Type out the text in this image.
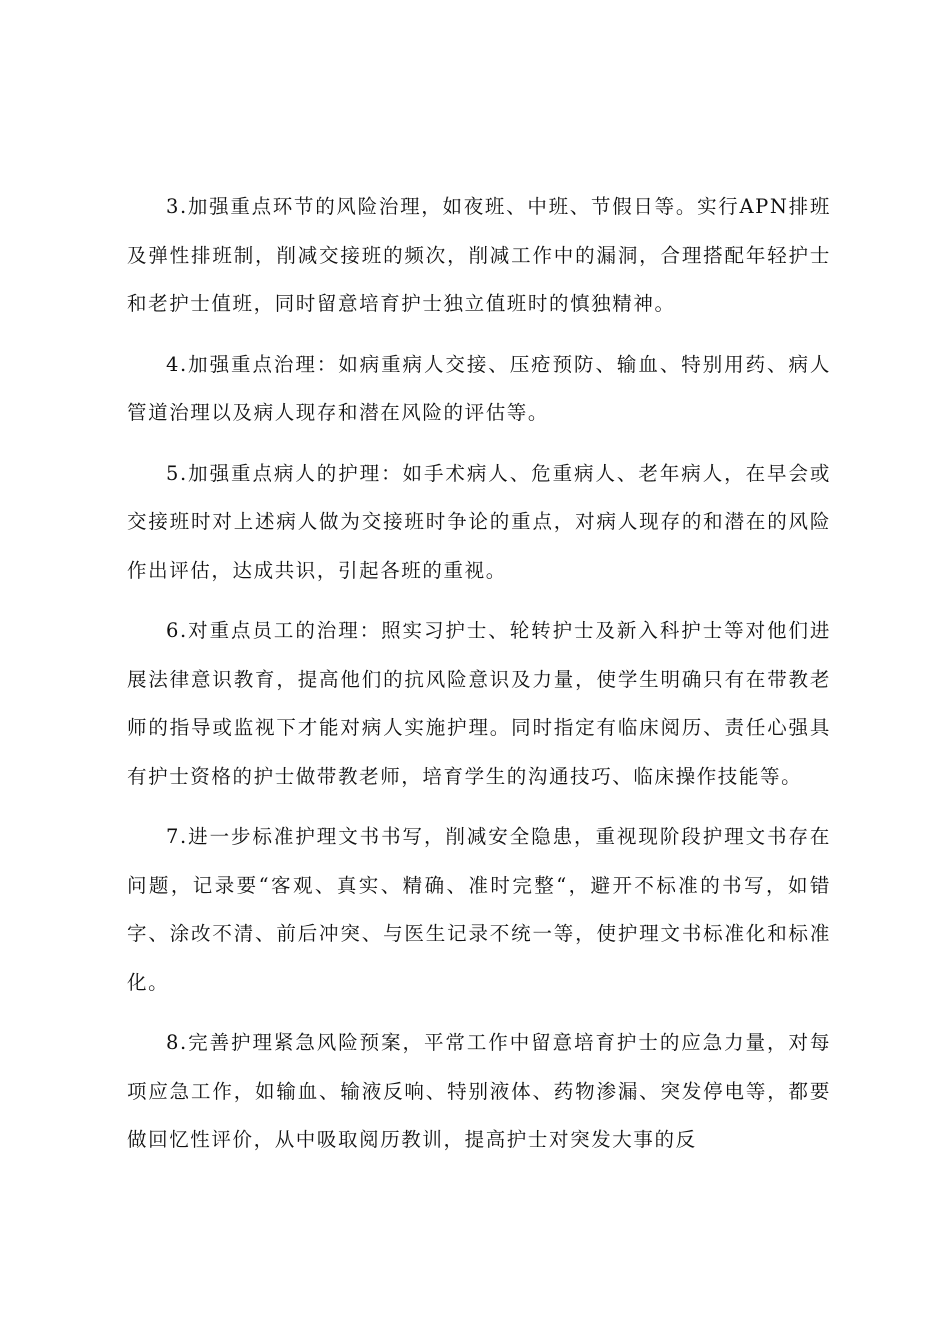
3.加强重点环节的风险治理，如夜班、中班、节假日等。实行APN排班及弹性排班制，削减交接班的频次，削减工作中的漏洞，合理搭配年轻护士和老护士值班，同时留意培育护士独立值班时的慎独精神。

4.加强重点治理：如病重病人交接、压疮预防、输血、特别用药、病人管道治理以及病人现存和潜在风险的评估等。

5.加强重点病人的护理：如手术病人、危重病人、老年病人，在早会或交接班时对上述病人做为交接班时争论的重点，对病人现存的和潜在的风险作出评估，达成共识，引起各班的重视。

6.对重点员工的治理：照实习护士、轮转护士及新入科护士等对他们进展法律意识教育，提高他们的抗风险意识及力量，使学生明确只有在带教老师的指导或监视下才能对病人实施护理。同时指定有临床阅历、责任心强具有护士资格的护士做带教老师，培育学生的沟通技巧、临床操作技能等。

7.进一步标准护理文书书写，削减安全隐患，重视现阶段护理文书存在问题，记录要“客观、真实、精确、准时完整“，避开不标准的书写，如错字、涂改不清、前后冲突、与医生记录不统一等，使护理文书标准化和标准化。

8.完善护理紧急风险预案，平常工作中留意培育护士的应急力量，对每项应急工作，如输血、输液反响、特别液体、药物渗漏、突发停电等，都要做回忆性评价，从中吸取阅历教训，提高护士对突发大事的反
